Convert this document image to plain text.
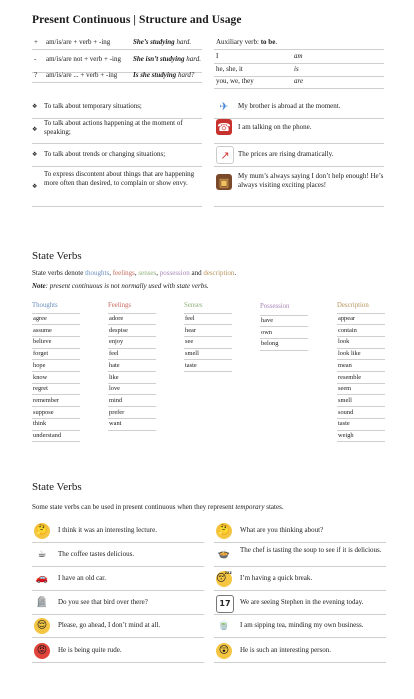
Present Continuous | Structure and Usage
+ am/is/are + verb + -ing	She’s studying hard.
- am/is/are not + verb + -ing She isn’t studying hard.
? am/is/are ... + verb + -ing Is she studying hard?
Auxiliary verb: to be.
I	am
he, she, it	is
you, we, they	are
❖ To talk about temporary situations;	✈	My brother is abroad at the moment.
❖
To talk about actions happening at the moment of speaking;	☎ I am talking on the phone.
❖ To talk about trends or changing situations;	↗	The prices are rising dramatically.
❖
To express discontent about things that are happening more often than desired, to complain or show envy.	▣	My mum’s always saying I don’t help enough! He’s always visiting exciting places!
State Verbs
State verbs denote thoughts, feelings, senses, possession and description.
Note: present continuous is not normally used with state verbs.
Thoughts
agree
assume
believe
forget
hope
know
regret
remember
suppose
think
understand
Feelings
adore
despise
enjoy
feel
hate
like
love
mind
prefer
want
Senses
feel
hear
see
smell
taste
Possession
have
own
belong
Description
appear
contain
look
look like
mean
resemble
seem
smell
sound
taste
weigh
State Verbs
Some state verbs can be used in present continuous when they represent temporary states.
🤔 I think it was an interesting lecture.
☕	The coffee tastes delicious.
🚗 I have an old car.
🪦 Do you see that bird over there?
😌	Please, go ahead, I don’t mind at all.
😡	He is being quite rude.
🤔 What are you thinking about?
🍲 The chef is tasting the soup to see if it is delicious.
😴 I’m having a quick break.
17	We are seeing Stephen in the evening today.
🍵 I am sipping tea, minding my own business.
😲	He is such an interesting person.
